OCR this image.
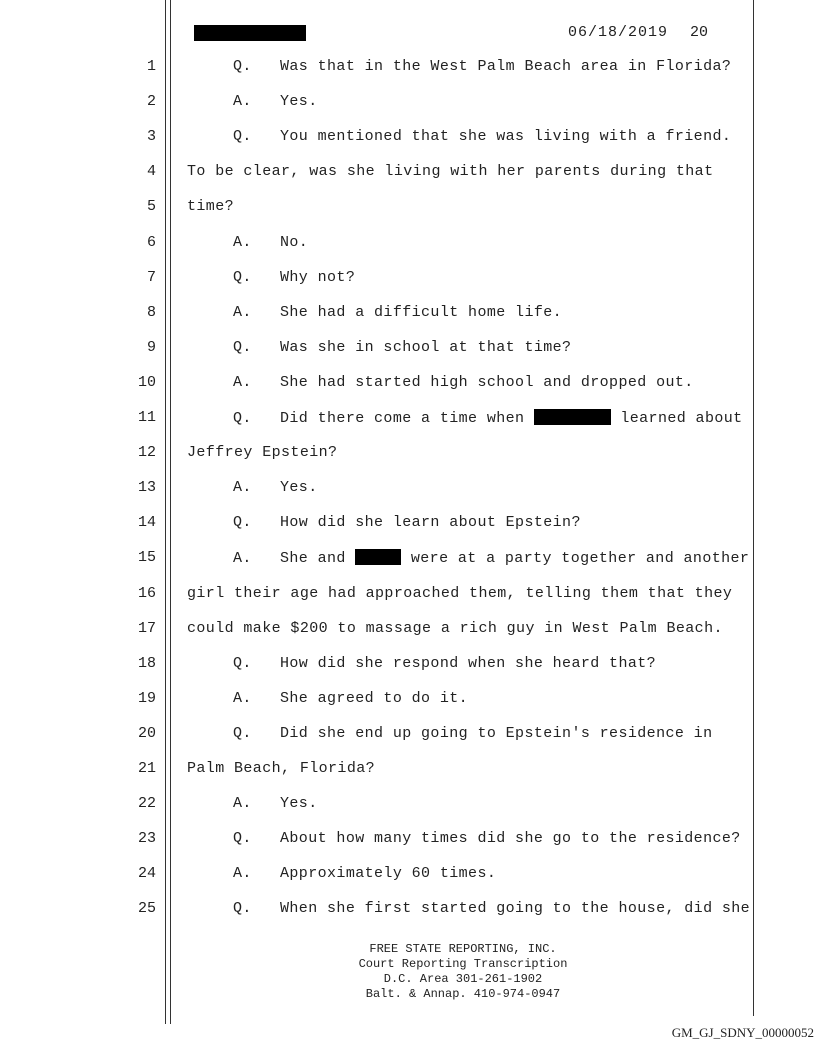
06/18/2019 20
1	Q.   Was that in the West Palm Beach area in Florida?
2	A.   Yes.
3	Q.   You mentioned that she was living with a friend.
4 To be clear, was she living with her parents during that
5 time?
6	A.   No.
7	Q.   Why not?
8	A.   She had a difficult home life.
9	Q.   Was she in school at that time?
10	A.   She had started high school and dropped out.
11	Q.   Did there come a time when	learned about
12 Jeffrey Epstein?
13	A.   Yes.
14	Q.   How did she learn about Epstein?
15	A.   She and	were at a party together and another
16 girl their age had approached them, telling them that they
17 could make $200 to massage a rich guy in West Palm Beach.
18	Q.   How did she respond when she heard that?
19	A.   She agreed to do it.
20	Q.   Did she end up going to Epstein's residence in
21 Palm Beach, Florida?
22	A.   Yes.
23	Q.   About how many times did she go to the residence?
24	A.   Approximately 60 times.
25	Q.   When she first started going to the house, did she
FREE STATE REPORTING, INC.
Court Reporting Transcription
D.C. Area 301-261-1902
Balt. & Annap. 410-974-0947
GM_GJ_SDNY_00000052
